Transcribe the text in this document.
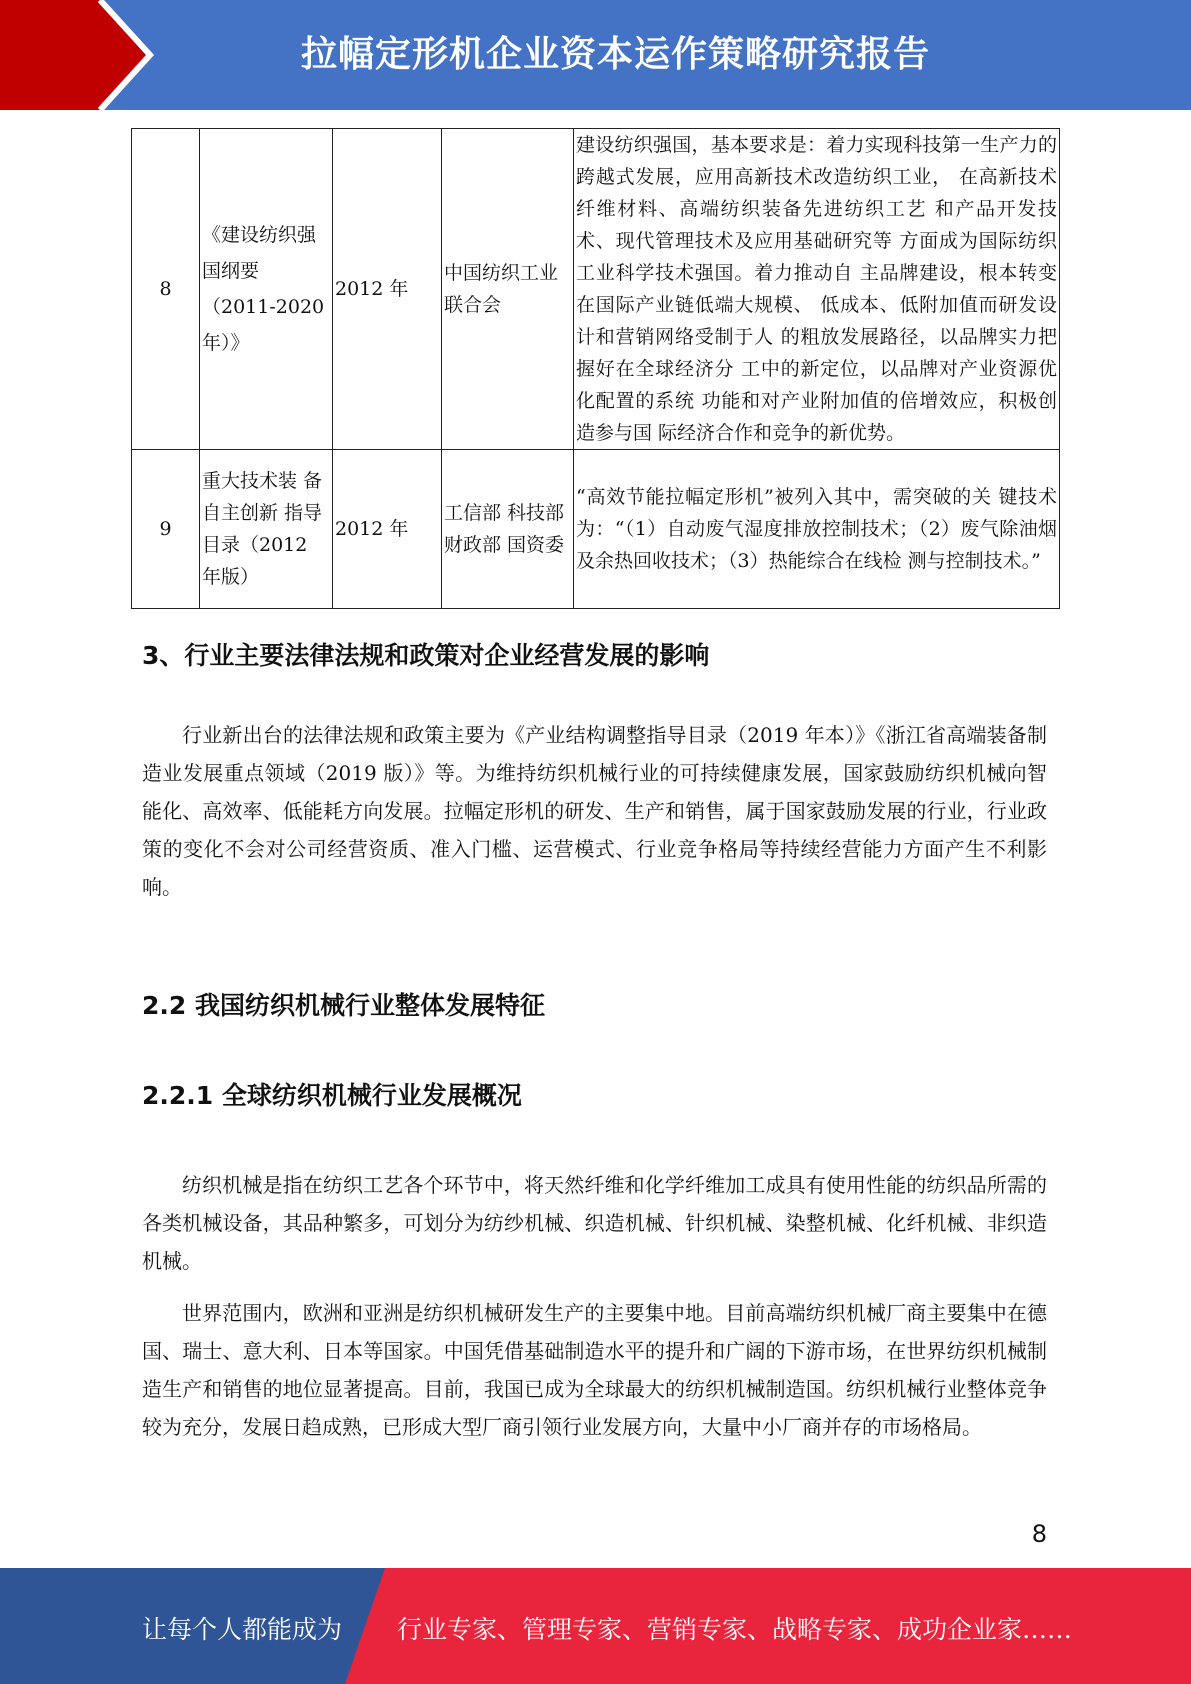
拉幅定形机企业资本运作策略研究报告
8	《建设纺织强国纲要（2011-2020年）》	2012 年	中国纺织工业联合会	建设纺织强国，基本要求是：着力实现科技第一生产力的跨越式发展，应用高新技术改造纺织工业， 在高新技术纤维材料、高端纺织装备先进纺织工艺 和产品开发技术、现代管理技术及应用基础研究等 方面成为国际纺织工业科学技术强国。着力推动自 主品牌建设，根本转变在国际产业链低端大规模、 低成本、低附加值而研发设计和营销网络受制于人 的粗放发展路径，以品牌实力把握好在全球经济分 工中的新定位，以品牌对产业资源优化配置的系统 功能和对产业附加值的倍增效应，积极创造参与国 际经济合作和竞争的新优势。
9	重大技术装 备自主创新 指导目录（2012 年版）	2012 年	工信部 科技部 财政部 国资委	“高效节能拉幅定形机”被列入其中，需突破的关 键技术为：“（1）自动废气湿度排放控制技术；（2）废气除油烟及余热回收技术；（3）热能综合在线检 测与控制技术。”
3、行业主要法律法规和政策对企业经营发展的影响

行业新出台的法律法规和政策主要为《产业结构调整指导目录（2019 年本）》《浙江省高端装备制造业发展重点领域（2019 版）》等。为维持纺织机械行业的可持续健康发展，国家鼓励纺织机械向智能化、高效率、低能耗方向发展。拉幅定形机的研发、生产和销售，属于国家鼓励发展的行业，行业政策的变化不会对公司经营资质、准入门槛、运营模式、行业竞争格局等持续经营能力方面产生不利影响。

2.2 我国纺织机械行业整体发展特征
2.2.1 全球纺织机械行业发展概况

纺织机械是指在纺织工艺各个环节中，将天然纤维和化学纤维加工成具有使用性能的纺织品所需的各类机械设备，其品种繁多，可划分为纺纱机械、织造机械、针织机械、染整机械、化纤机械、非织造机械。

世界范围内，欧洲和亚洲是纺织机械研发生产的主要集中地。目前高端纺织机械厂商主要集中在德国、瑞士、意大利、日本等国家。中国凭借基础制造水平的提升和广阔的下游市场，在世界纺织机械制造生产和销售的地位显著提高。目前，我国已成为全球最大的纺织机械制造国。纺织机械行业整体竞争较为充分，发展日趋成熟，已形成大型厂商引领行业发展方向，大量中小厂商并存的市场格局。

8
让每个人都能成为 行业专家、管理专家、营销专家、战略专家、成功企业家……
